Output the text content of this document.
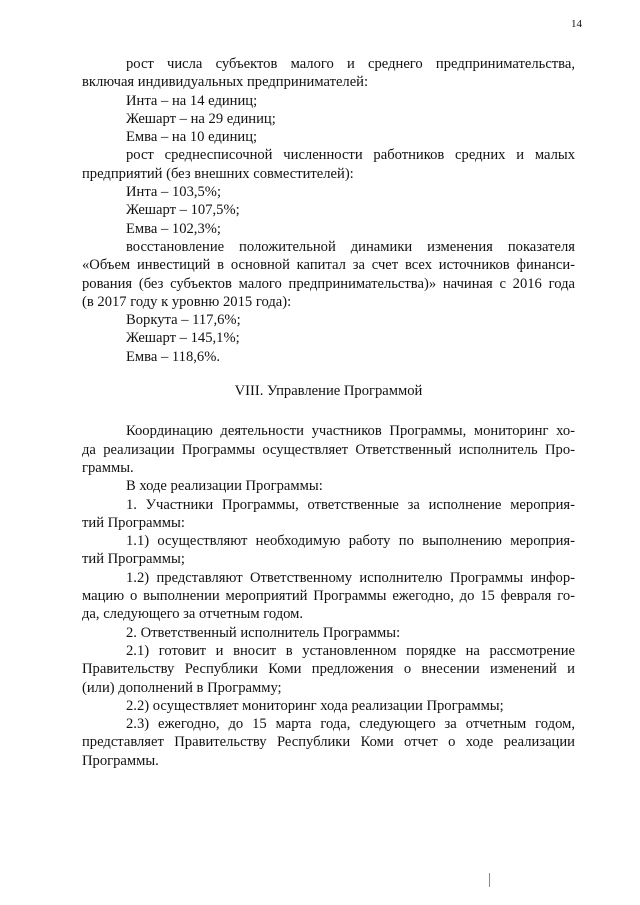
14
рост числа субъектов малого и среднего предпринимательства,
включая индивидуальных предпринимателей:
Инта – на 14 единиц;
Жешарт – на 29 единиц;
Емва – на 10 единиц;
рост среднесписочной численности работников средних и малых
предприятий (без внешних совместителей):
Инта – 103,5%;
Жешарт – 107,5%;
Емва – 102,3%;
восстановление положительной динамики изменения показателя
«Объем инвестиций в основной капитал за счет всех источников финанси-
рования (без субъектов малого предпринимательства)» начиная с 2016 года
(в 2017 году к уровню 2015 года):
Воркута – 117,6%;
Жешарт – 145,1%;
Емва – 118,6%.
VIII. Управление Программой
Координацию деятельности участников Программы, мониторинг хо-
да реализации Программы осуществляет Ответственный исполнитель Про-
граммы.
В ходе реализации Программы:
1. Участники Программы, ответственные за исполнение мероприя-
тий Программы:
1.1) осуществляют необходимую работу по выполнению мероприя-
тий Программы;
1.2) представляют Ответственному исполнителю Программы инфор-
мацию о выполнении мероприятий Программы ежегодно, до 15 февраля го-
да, следующего за отчетным годом.
2. Ответственный исполнитель Программы:
2.1) готовит и вносит в установленном порядке на рассмотрение
Правительству Республики Коми предложения о внесении изменений и
(или) дополнений в Программу;
2.2) осуществляет мониторинг хода реализации Программы;
2.3) ежегодно, до 15 марта года, следующего за отчетным годом,
представляет Правительству Республики Коми отчет о ходе реализации
Программы.
